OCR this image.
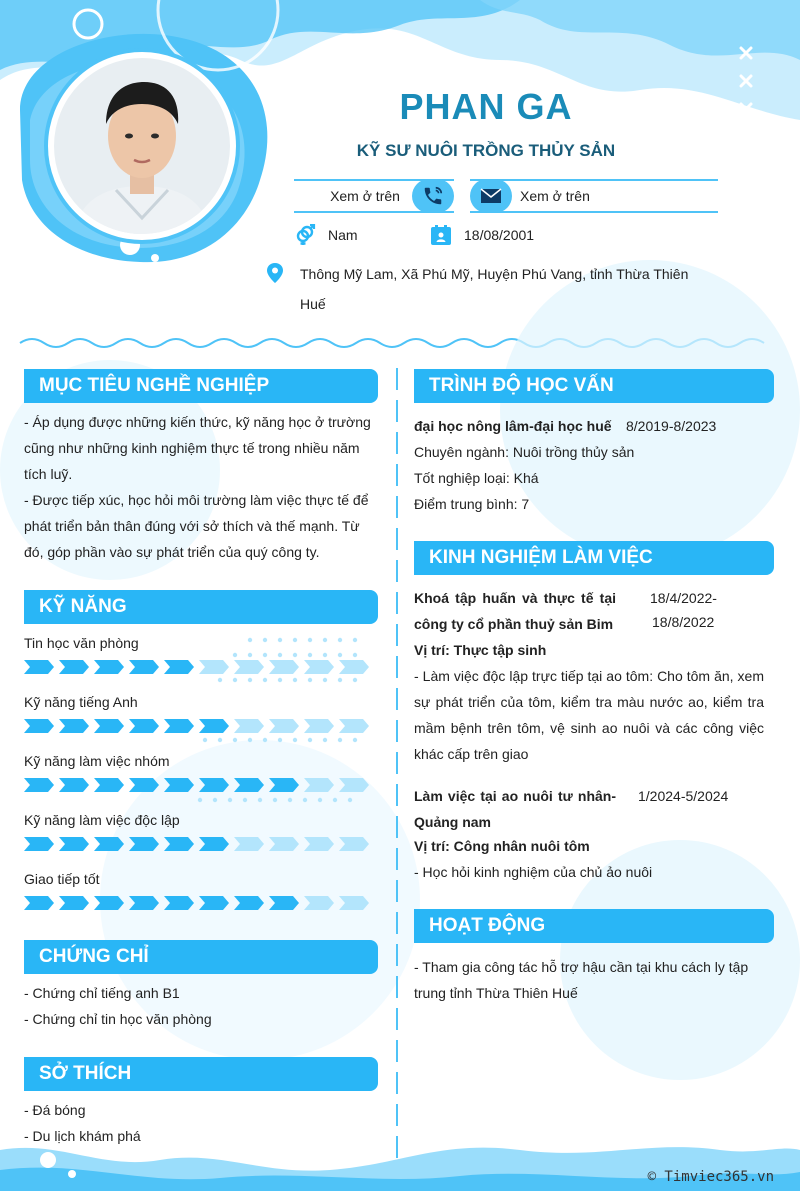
PHAN GA
KỸ SƯ NUÔI TRỒNG THỦY SẢN
Xem ở trên	Xem ở trên
Nam	18/08/2001
Thông Mỹ Lam, Xã Phú Mỹ, Huyện Phú Vang, tỉnh Thừa Thiên Huế
MỤC TIÊU NGHỀ NGHIỆP
- Áp dụng được những kiến thức, kỹ năng học ở trường cũng như những kinh nghiệm thực tế trong nhiều năm tích luỹ.
- Được tiếp xúc, học hỏi môi trường làm việc thực tế để phát triển bản thân đúng với sở thích và thế mạnh. Từ đó, góp phần vào sự phát triển của quý công ty.
KỸ NĂNG
Tin học văn phòng
Kỹ năng tiếng Anh
Kỹ năng làm việc nhóm
Kỹ năng làm việc độc lập
Giao tiếp tốt
CHỨNG CHỈ
- Chứng chỉ tiếng anh B1
- Chứng chỉ tin học văn phòng
SỞ THÍCH
- Đá bóng
- Du lịch khám phá
TRÌNH ĐỘ HỌC VẤN
đại học nông lâm-đại học huế 8/2019-8/2023
Chuyên ngành: Nuôi trồng thủy sản
Tốt nghiệp loại: Khá
Điểm trung bình: 7
KINH NGHIỆM LÀM VIỆC
Khoá tập huấn và thực tế tại công ty cổ phần thuỷ sản Bim
18/4/2022-
18/8/2022
Vị trí: Thực tập sinh
- Làm việc độc lập trực tiếp tại ao tôm: Cho tôm ăn, xem sự phát triển của tôm, kiểm tra màu nước ao, kiểm tra mầm bệnh trên tôm, vệ sinh ao nuôi và các công việc khác cấp trên giao
Làm việc tại ao nuôi tư nhân-Quảng nam
1/2024-5/2024
Vị trí: Công nhân nuôi tôm
- Học hỏi kinh nghiệm của chủ ảo nuôi
HOẠT ĐỘNG
- Tham gia công tác hỗ trợ hậu cần tại khu cách ly tập trung tỉnh Thừa Thiên Huế
© Timviec365.vn
